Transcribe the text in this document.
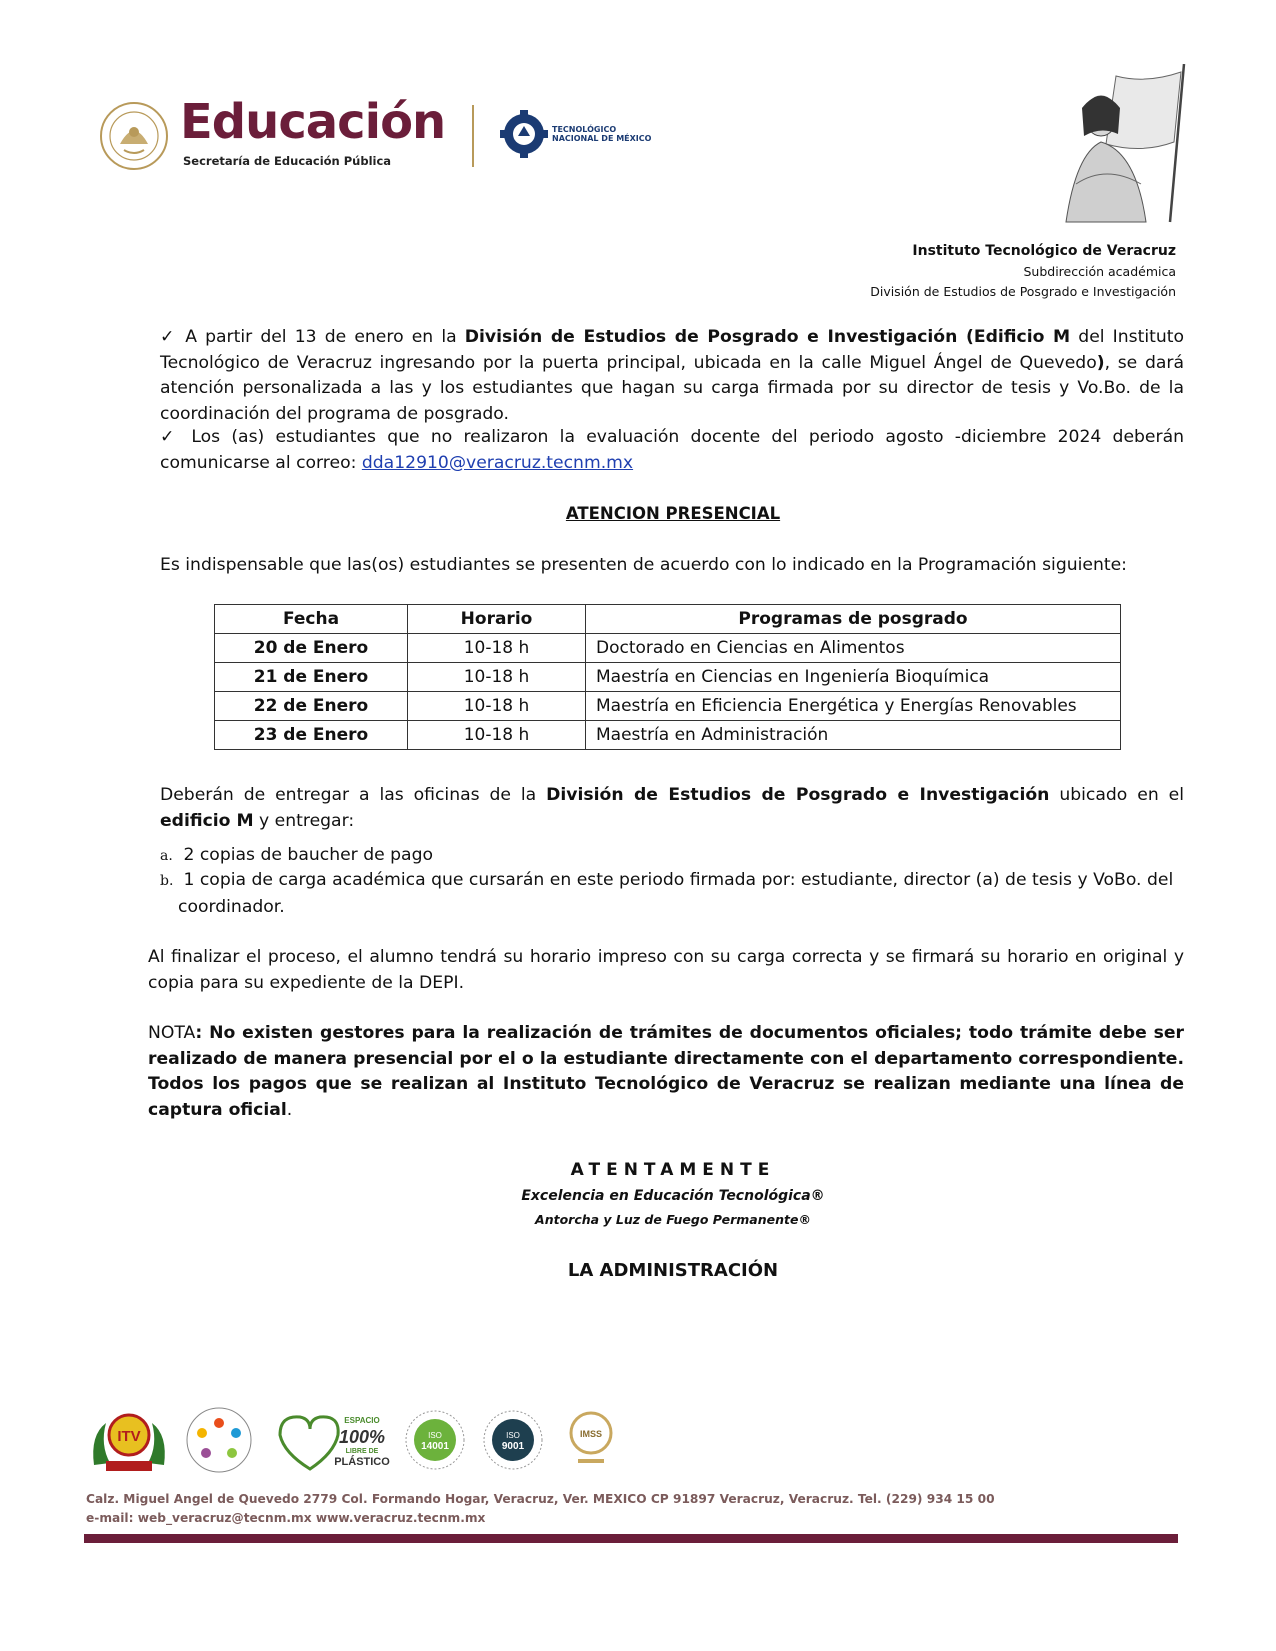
Educación
Secretaría de Educación Pública
TECNOLÓGICO
NACIONAL DE MÉXICO
Instituto Tecnológico de Veracruz
Subdirección académica
División de Estudios de Posgrado e Investigación
✓ A partir del 13 de enero en la División de Estudios de Posgrado e Investigación (Edificio M del Instituto Tecnológico de Veracruz ingresando por la puerta principal, ubicada en la calle Miguel Ángel de Quevedo), se dará atención personalizada a las y los estudiantes que hagan su carga firmada por su director de tesis y Vo.Bo. de la coordinación del programa de posgrado.
✓ Los (as) estudiantes que no realizaron la evaluación docente del periodo agosto -diciembre 2024 deberán comunicarse al correo: dda12910@veracruz.tecnm.mx
ATENCION PRESENCIAL
Es indispensable que las(os) estudiantes se presenten de acuerdo con lo indicado en la Programación siguiente:
Fecha	Horario	Programas de posgrado
20 de Enero	10-18 h	Doctorado en Ciencias en Alimentos
21 de Enero	10-18 h	Maestría en Ciencias en Ingeniería Bioquímica
22 de Enero	10-18 h	Maestría en Eficiencia Energética y Energías Renovables
23 de Enero	10-18 h	Maestría en Administración
Deberán de entregar a las oficinas de la División de Estudios de Posgrado e Investigación ubicado en el edificio M y entregar:
a. 2 copias de baucher de pago
b. 1 copia de carga académica que cursarán en este periodo firmada por: estudiante, director (a) de tesis y VoBo. del
coordinador.
Al finalizar el proceso, el alumno tendrá su horario impreso con su carga correcta y se firmará su horario en original y copia para su expediente de la DEPI.
NOTA: No existen gestores para la realización de trámites de documentos oficiales; todo trámite debe ser realizado de manera presencial por el o la estudiante directamente con el departamento correspondiente. Todos los pagos que se realizan al Instituto Tecnológico de Veracruz se realizan mediante una línea de captura oficial.
ATENTAMENTE
Excelencia en Educación Tecnológica®
Antorcha y Luz de Fuego Permanente®
LA ADMINISTRACIÓN
ITV
ESPACIO
100%
LIBRE DE
PLÁSTICO
ISO
14001
ISO
9001
IMSS
Calz. Miguel Angel de Quevedo 2779 Col. Formando Hogar, Veracruz, Ver. MEXICO CP 91897 Veracruz, Veracruz. Tel. (229) 934 15 00
e-mail: web_veracruz@tecnm.mx www.veracruz.tecnm.mx
